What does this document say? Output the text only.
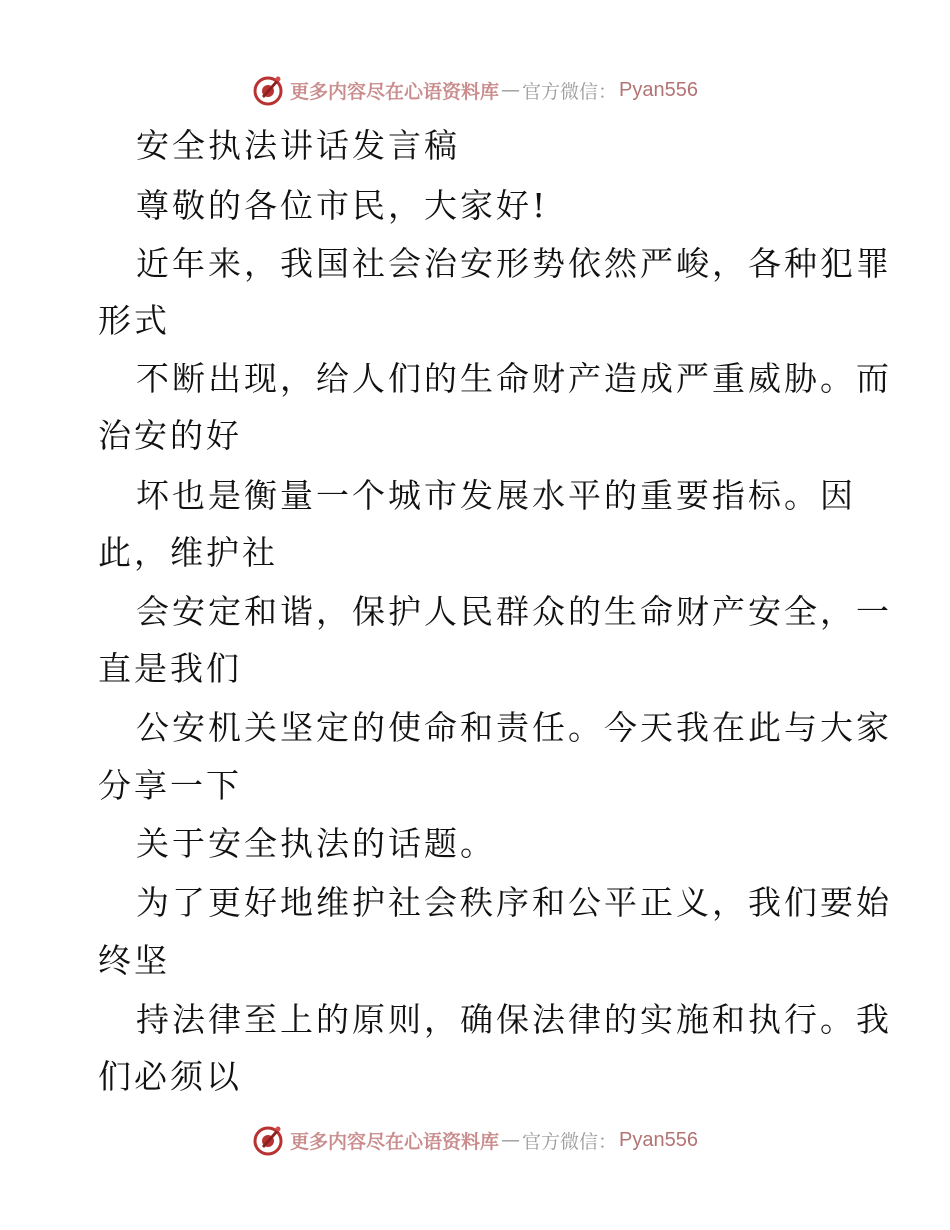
更多内容尽在心语资料库 — 官方微信： Pyan556
安全执法讲话发言稿
尊敬的各位市民，大家好!
近年来，我国社会治安形势依然严峻，各种犯罪
形式
不断出现，给人们的生命财产造成严重威胁。而
治安的好
坏也是衡量一个城市发展水平的重要指标。因
此，维护社
会安定和谐，保护人民群众的生命财产安全，一
直是我们
公安机关坚定的使命和责任。今天我在此与大家
分享一下
关于安全执法的话题。
为了更好地维护社会秩序和公平正义，我们要始
终坚
持法律至上的原则，确保法律的实施和执行。我
们必须以
更多内容尽在心语资料库 — 官方微信： Pyan556
